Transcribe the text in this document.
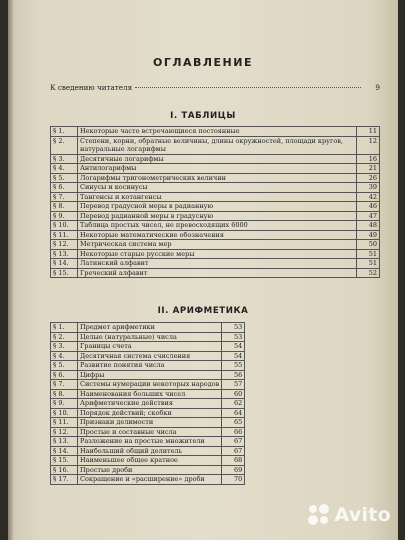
ОГЛАВЛЕНИЕ
К сведению читателя	9
I. ТАБЛИЦЫ
§ 1.	Некоторые часто встречающиеся постоянные	11
§ 2.	Степени, корни, обратные величины, длины окружностей, площади кругов, натуральные логарифмы	12
§ 3.	Десятичные логарифмы	16
§ 4.	Антилогарифмы	21
§ 5.	Логарифмы тригонометрических величин	26
§ 6.	Синусы и косинусы	39
§ 7.	Тангенсы и котангенсы	42
§ 8.	Перевод градусной меры в радианную	46
§ 9.	Перевод радианной меры в градусную	47
§ 10.	Таблица простых чисел, не превосходящих 6000	48
§ 11.	Некоторые математические обозначения	49
§ 12.	Метрическая система мер	50
§ 13.	Некоторые старые русские меры	51
§ 14.	Латинский алфавит	51
§ 15.	Греческий алфавит	52
II. АРИФМЕТИКА
§ 1.	Предмет арифметики	53
§ 2.	Целые (натуральные) числа	53
§ 3.	Границы счета	54
§ 4.	Десятичная система счисления	54
§ 5.	Развитие понятия числа	55
§ 6.	Цифры	56
§ 7.	Системы нумерации некоторых народов	57
§ 8.	Наименования больших чисел	60
§ 9.	Арифметические действия	62
§ 10.	Порядок действий; скобки	64
§ 11.	Признаки делимости	65
§ 12.	Простые и составные числа	66
§ 13.	Разложение на простые множители	67
§ 14.	Наибольший общий делитель	67
§ 15.	Наименьшее общее кратное	68
§ 16.	Простые дроби	69
§ 17.	Сокращение и «расширение» дроби	70
Avito
